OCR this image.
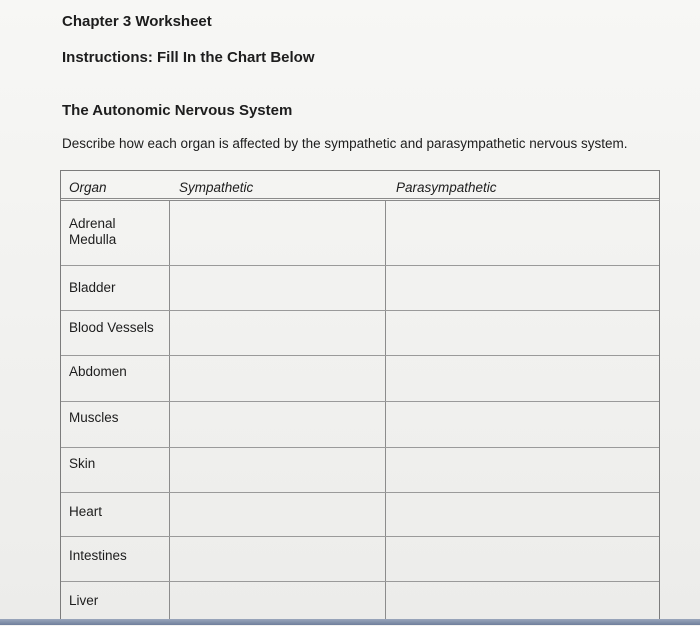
Chapter 3 Worksheet
Instructions: Fill In the Chart Below
The Autonomic Nervous System

Describe how each organ is affected by the sympathetic and parasympathetic nervous system.

Organ	Sympathetic	Parasympathetic
Adrenal Medulla
Bladder
Blood Vessels
Abdomen
Muscles
Skin
Heart
Intestines
Liver
